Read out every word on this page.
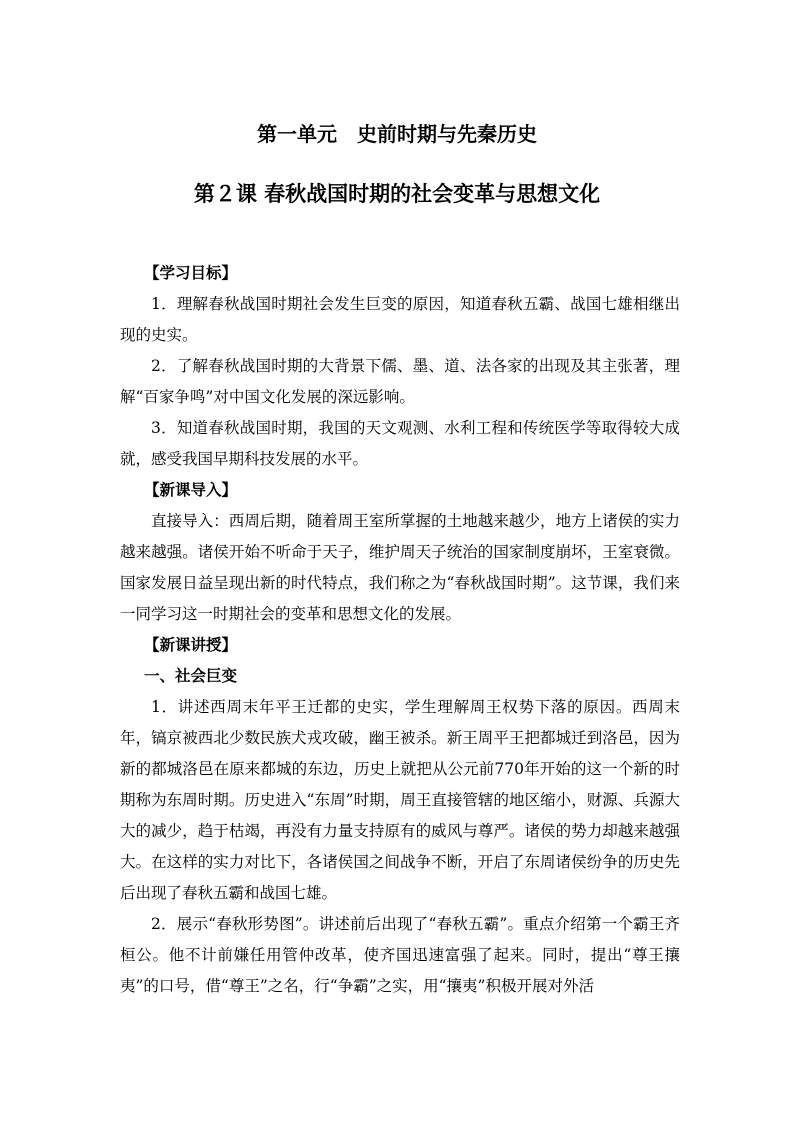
第一单元　史前时期与先秦历史
第２课 春秋战国时期的社会变革与思想文化

【学习目标】

1．理解春秋战国时期社会发生巨变的原因，知道春秋五霸、战国七雄相继出现的史实。

2．了解春秋战国时期的大背景下儒、墨、道、法各家的出现及其主张著，理解“百家争鸣”对中国文化发展的深远影响。

3．知道春秋战国时期，我国的天文观测、水利工程和传统医学等取得较大成就，感受我国早期科技发展的水平。

【新课导入】

直接导入：西周后期，随着周王室所掌握的土地越来越少，地方上诸侯的实力越来越强。诸侯开始不听命于天子，维护周天子统治的国家制度崩坏，王室衰微。国家发展日益呈现出新的时代特点，我们称之为“春秋战国时期”。这节课，我们来一同学习这一时期社会的变革和思想文化的发展。

【新课讲授】

一、社会巨变

1．讲述西周末年平王迁都的史实，学生理解周王权势下落的原因。西周末年，镐京被西北少数民族犬戎攻破，幽王被杀。新王周平王把都城迁到洛邑，因为新的都城洛邑在原来都城的东边，历史上就把从公元前770年开始的这一个新的时期称为东周时期。历史进入“东周”时期，周王直接管辖的地区缩小，财源、兵源大大的减少，趋于枯竭，再没有力量支持原有的威风与尊严。诸侯的势力却越来越强大。在这样的实力对比下，各诸侯国之间战争不断，开启了东周诸侯纷争的历史先后出现了春秋五霸和战国七雄。

2．展示“春秋形势图”。讲述前后出现了“春秋五霸”。重点介绍第一个霸王齐桓公。他不计前嫌任用管仲改革，使齐国迅速富强了起来。同时，提出“尊王攘夷”的口号，借“尊王”之名，行“争霸”之实，用“攘夷”积极开展对外活
